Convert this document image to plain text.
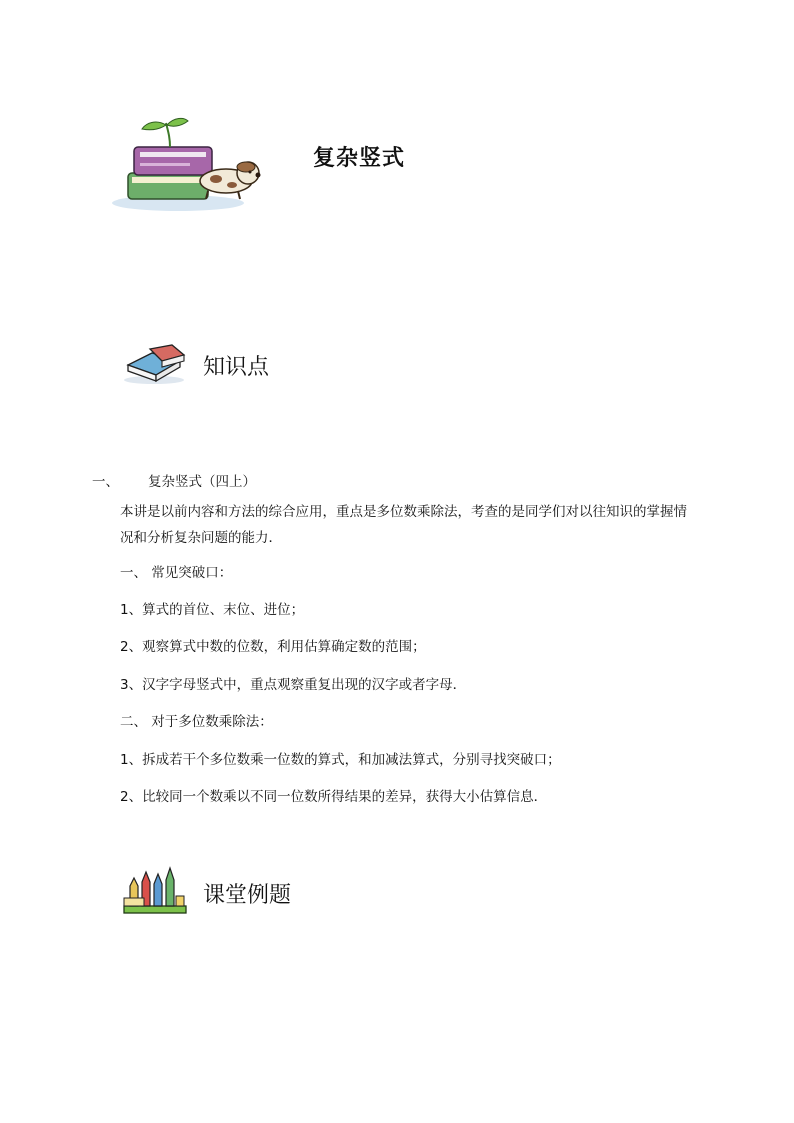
复杂竖式
知识点
一、 复杂竖式（四上）
本讲是以前内容和方法的综合应用，重点是多位数乘除法，考查的是同学们对以往知识的掌握情况和分析复杂问题的能力．
一、 常见突破口：
1、算式的首位、末位、进位；
2、观察算式中数的位数，利用估算确定数的范围；
3、汉字字母竖式中，重点观察重复出现的汉字或者字母．
二、 对于多位数乘除法：
1、拆成若干个多位数乘一位数的算式，和加减法算式，分别寻找突破口；
2、比较同一个数乘以不同一位数所得结果的差异，获得大小估算信息．
课堂例题
